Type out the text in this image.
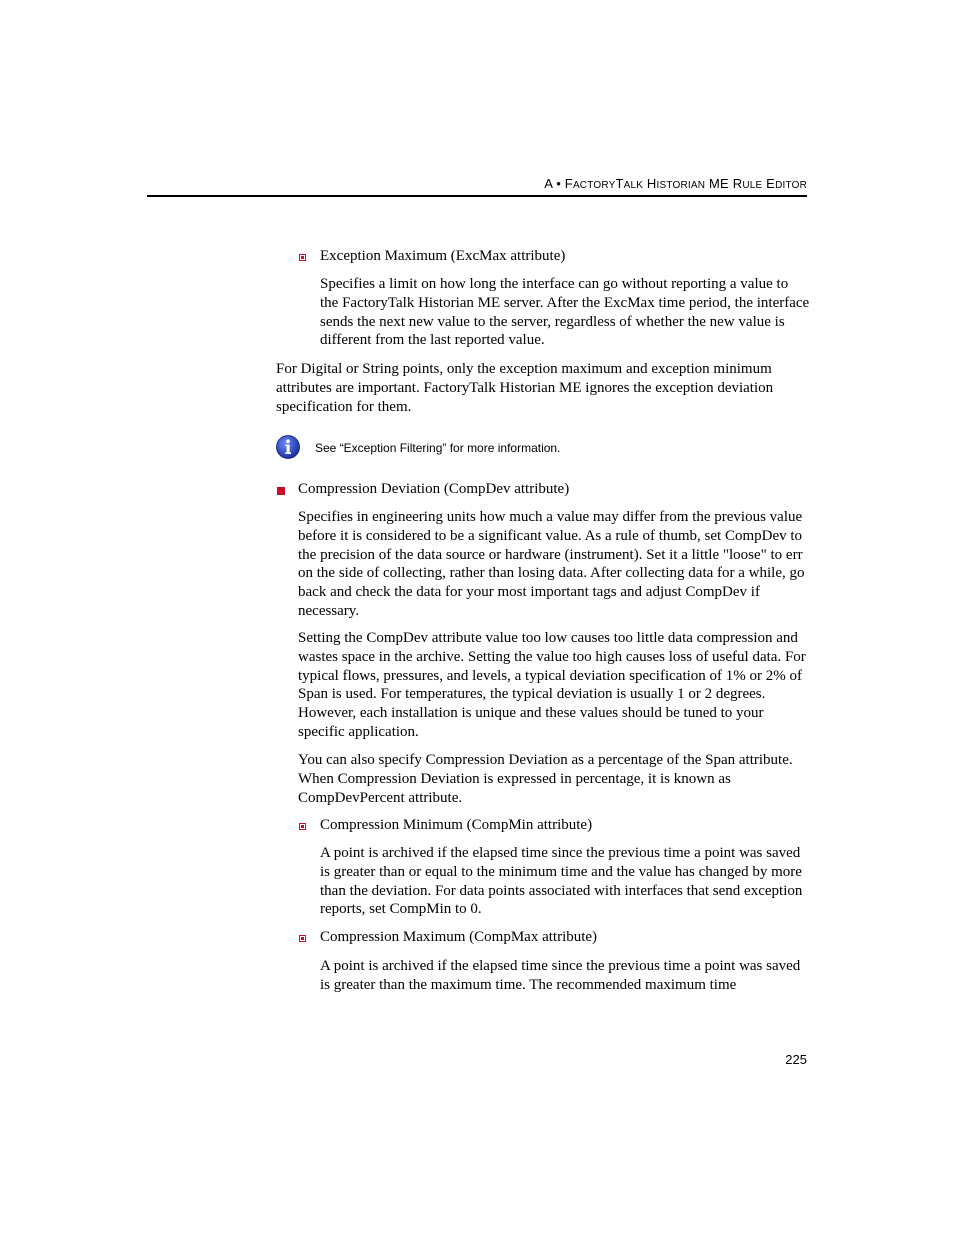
A • FACTORYTALK HISTORIAN ME RULE EDITOR

Exception Maximum (ExcMax attribute)

Specifies a limit on how long the interface can go without reporting a value to the FactoryTalk Historian ME server. After the ExcMax time period, the interface sends the next new value to the server, regardless of whether the new value is different from the last reported value.

For Digital or String points, only the exception maximum and exception minimum attributes are important. FactoryTalk Historian ME ignores the exception deviation specification for them.

See “Exception Filtering” for more information.

Compression Deviation (CompDev attribute)

Specifies in engineering units how much a value may differ from the previous value before it is considered to be a significant value. As a rule of thumb, set CompDev to the precision of the data source or hardware (instrument). Set it a little "loose" to err on the side of collecting, rather than losing data. After collecting data for a while, go back and check the data for your most important tags and adjust CompDev if necessary.

Setting the CompDev attribute value too low causes too little data compression and wastes space in the archive. Setting the value too high causes loss of useful data. For typical flows, pressures, and levels, a typical deviation specification of 1% or 2% of Span is used. For temperatures, the typical deviation is usually 1 or 2 degrees. However, each installation is unique and these values should be tuned to your specific application.

You can also specify Compression Deviation as a percentage of the Span attribute. When Compression Deviation is expressed in percentage, it is known as CompDevPercent attribute.

Compression Minimum (CompMin attribute)

A point is archived if the elapsed time since the previous time a point was saved is greater than or equal to the minimum time and the value has changed by more than the deviation. For data points associated with interfaces that send exception reports, set CompMin to 0.

Compression Maximum (CompMax attribute)

A point is archived if the elapsed time since the previous time a point was saved is greater than the maximum time. The recommended maximum time

225
